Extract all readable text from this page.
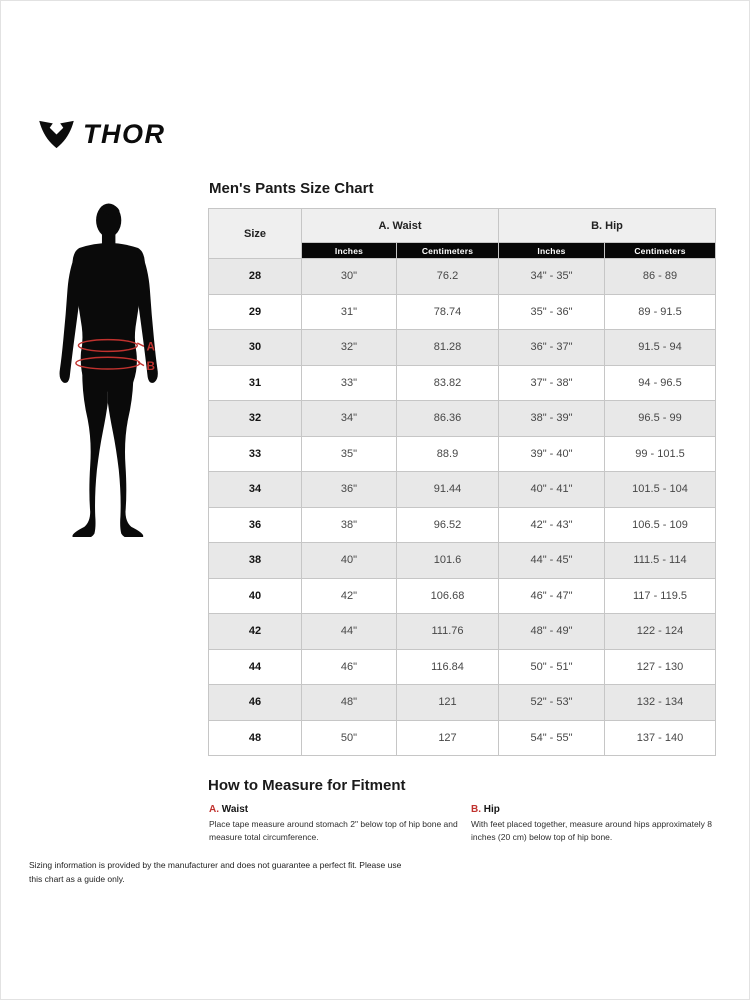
THOR
Men's Pants Size Chart
A
B
Size	A. Waist		B. Hip	
	Inches	Centimeters	Inches	Centimeters
28	30"	76.2	34" - 35"	86 - 89
29	31"	78.74	35" - 36"	89 - 91.5
30	32"	81.28	36" - 37"	91.5 - 94
31	33"	83.82	37" - 38"	94 - 96.5
32	34"	86.36	38" - 39"	96.5 - 99
33	35"	88.9	39" - 40"	99 - 101.5
34	36"	91.44	40" - 41"	101.5 - 104
36	38"	96.52	42" - 43"	106.5 - 109
38	40"	101.6	44" - 45"	111.5 - 114
40	42"	106.68	46" - 47"	117 - 119.5
42	44"	111.76	48" - 49"	122 - 124
44	46"	116.84	50" - 51"	127 - 130
46	48"	121	52" - 53"	132 - 134
48	50"	127	54" - 55"	137 - 140
How to Measure for Fitment
A. Waist
Place tape measure around stomach 2" below top of hip bone and measure total circumference.
B. Hip
With feet placed together, measure around hips approximately 8 inches (20 cm) below top of hip bone.
Sizing information is provided by the manufacturer and does not guarantee a perfect fit. Please use this chart as a guide only.
